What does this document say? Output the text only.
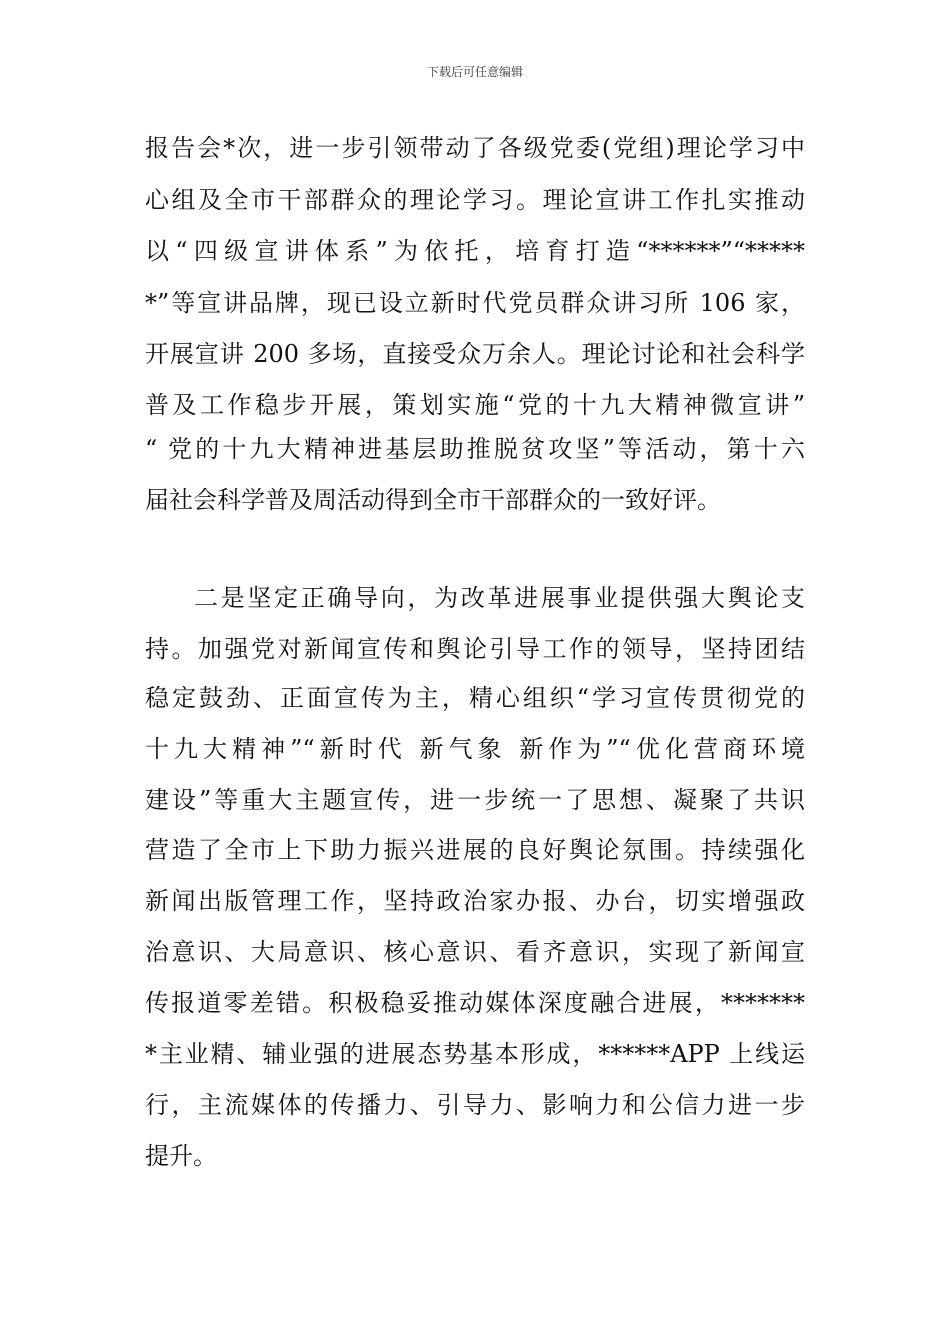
下载后可任意编辑
报告会*次，进一步引领带动了各级党委(党组)理论学习中
心组及全市干部群众的理论学习。理论宣讲工作扎实推动
以“四级宣讲体系”为依托，培育打造“******”“*****
*”等宣讲品牌，现已设立新时代党员群众讲习所 106 家，
开展宣讲 200 多场，直接受众万余人。理论讨论和社会科学
普及工作稳步开展，策划实施“党的十九大精神微宣讲”
“ 党的十九大精神进基层助推脱贫攻坚”等活动，第十六
届社会科学普及周活动得到全市干部群众的一致好评。
二是坚定正确导向，为改革进展事业提供强大舆论支
持。加强党对新闻宣传和舆论引导工作的领导，坚持团结
稳定鼓劲、正面宣传为主，精心组织“学习宣传贯彻党的
十九大精神”“新时代 新气象 新作为”“优化营商环境
建设”等重大主题宣传，进一步统一了思想、凝聚了共识
营造了全市上下助力振兴进展的良好舆论氛围。持续强化
新闻出版管理工作，坚持政治家办报、办台，切实增强政
治意识、大局意识、核心意识、看齐意识，实现了新闻宣
传报道零差错。积极稳妥推动媒体深度融合进展，*******
*主业精、辅业强的进展态势基本形成，******APP 上线运
行，主流媒体的传播力、引导力、影响力和公信力进一步
提升。
